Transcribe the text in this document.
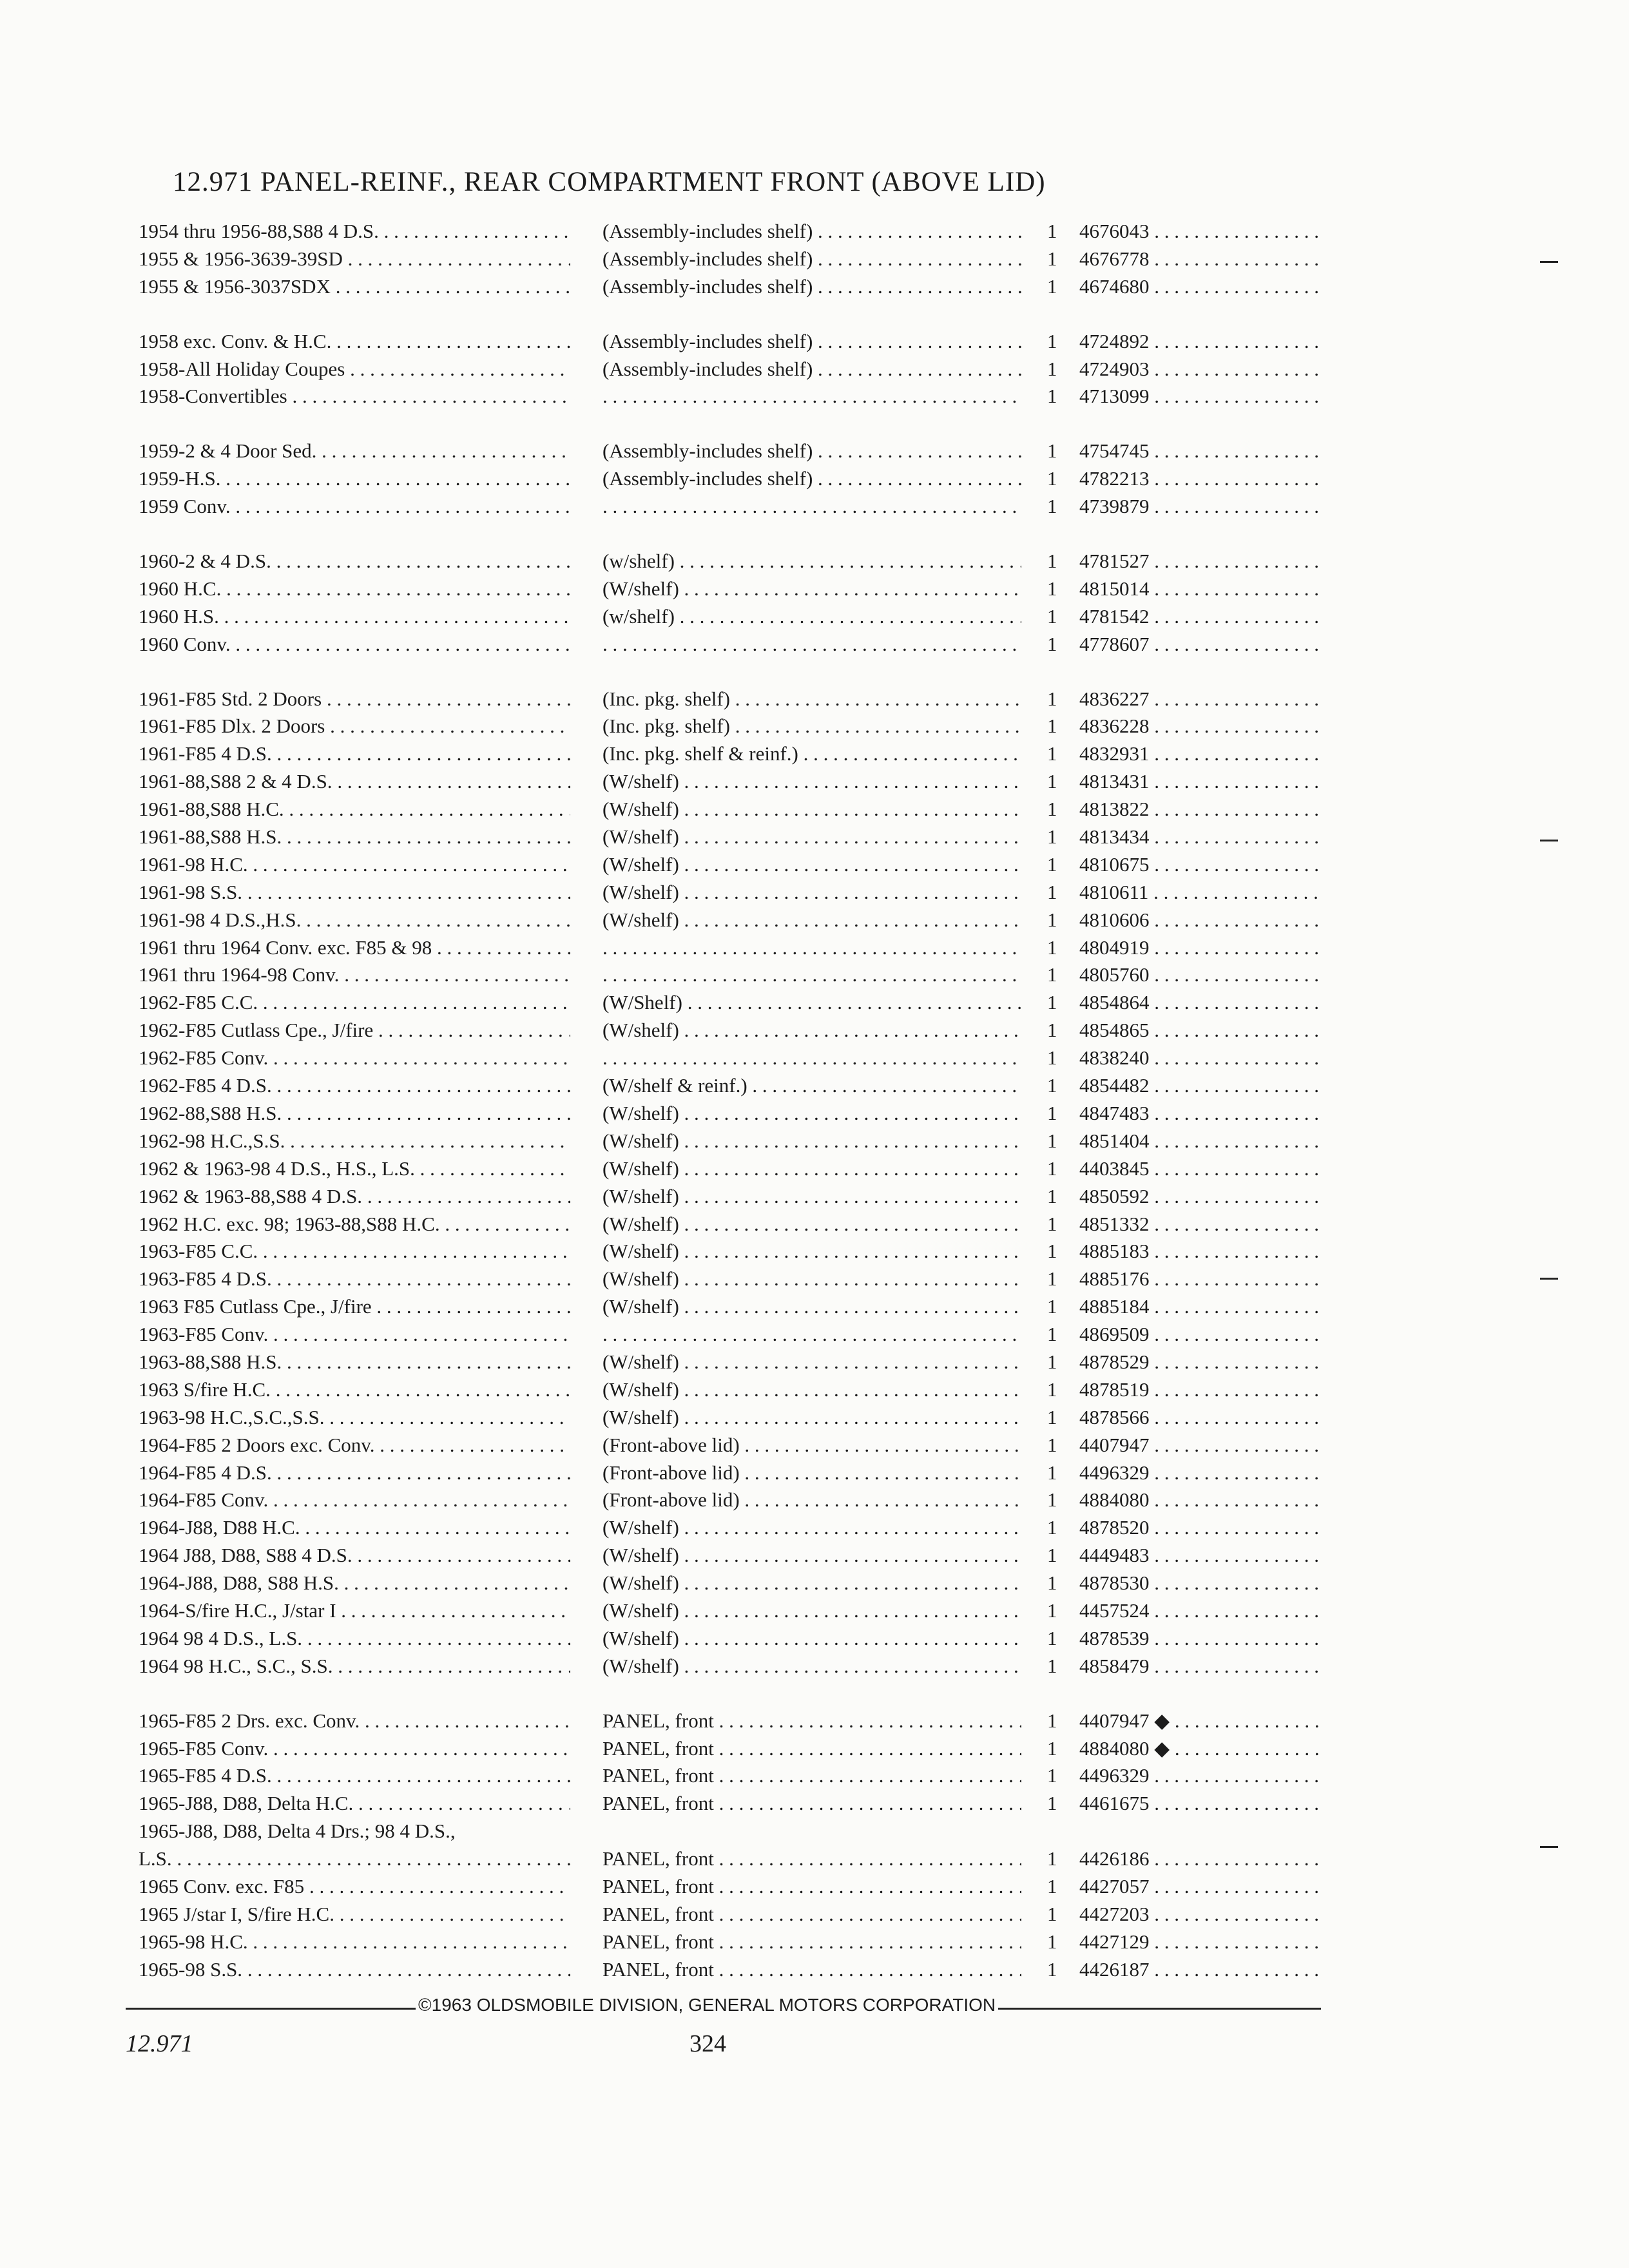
12.971 PANEL-REINF., REAR COMPARTMENT FRONT (ABOVE LID)
1954 thru 1956-88,S88 4 D.S. . . .	(Assembly-includes shelf) . . .	1	4676043 . . .
1955 & 1956-3639-39SD . . .	(Assembly-includes shelf) . . .	1	4676778 . . .
1955 & 1956-3037SDX . . .	(Assembly-includes shelf) . . .	1	4674680 . . .
1958 exc. Conv. & H.C. . . .	(Assembly-includes shelf) . . .	1	4724892 . . .
1958-All Holiday Coupes . . .	(Assembly-includes shelf) . . .	1	4724903 . . .
1958-Convertibles . . . . . .	1	4713099 . . .
1959-2 & 4 Door Sed. . . .	(Assembly-includes shelf) . . .	1	4754745 . . .
1959-H.S. . . .	(Assembly-includes shelf) . . .	1	4782213 . . .
1959 Conv. . . . . . .	1	4739879 . . .
1960-2 & 4 D.S. . . .	(w/shelf) . . .	1	4781527 . . .
1960 H.C. . . .	(W/shelf) . . .	1	4815014 . . .
1960 H.S. . . .	(w/shelf) . . .	1	4781542 . . .
1960 Conv. . . . . . .	1	4778607 . . .
1961-F85 Std. 2 Doors . . .	(Inc. pkg. shelf) . . .	1	4836227 . . .
1961-F85 Dlx. 2 Doors . . .	(Inc. pkg. shelf) . . .	1	4836228 . . .
1961-F85 4 D.S. . . .	(Inc. pkg. shelf & reinf.) . . .	1	4832931 . . .
1961-88,S88 2 & 4 D.S. . . .	(W/shelf) . . .	1	4813431 . . .
1961-88,S88 H.C. . . .	(W/shelf) . . .	1	4813822 . . .
1961-88,S88 H.S. . . .	(W/shelf) . . .	1	4813434 . . .
1961-98 H.C. . . .	(W/shelf) . . .	1	4810675 . . .
1961-98 S.S. . . .	(W/shelf) . . .	1	4810611 . . .
1961-98 4 D.S.,H.S. . . .	(W/shelf) . . .	1	4810606 . . .
1961 thru 1964 Conv. exc. F85 & 98 . . . . . .	1	4804919 . . .
1961 thru 1964-98 Conv. . . . . . .	1	4805760 . . .
1962-F85 C.C. . . .	(W/Shelf) . . .	1	4854864 . . .
1962-F85 Cutlass Cpe., J/fire . . .	(W/shelf) . . .	1	4854865 . . .
1962-F85 Conv. . . . . . .	1	4838240 . . .
1962-F85 4 D.S. . . .	(W/shelf & reinf.) . . .	1	4854482 . . .
1962-88,S88 H.S. . . .	(W/shelf) . . .	1	4847483 . . .
1962-98 H.C.,S.S. . . .	(W/shelf) . . .	1	4851404 . . .
1962 & 1963-98 4 D.S., H.S., L.S. . . .	(W/shelf) . . .	1	4403845 . . .
1962 & 1963-88,S88 4 D.S. . . .	(W/shelf) . . .	1	4850592 . . .
1962 H.C. exc. 98; 1963-88,S88 H.C. . . .	(W/shelf) . . .	1	4851332 . . .
1963-F85 C.C. . . .	(W/shelf) . . .	1	4885183 . . .
1963-F85 4 D.S. . . .	(W/shelf) . . .	1	4885176 . . .
1963 F85 Cutlass Cpe., J/fire . . .	(W/shelf) . . .	1	4885184 . . .
1963-F85 Conv. . . . . . .	1	4869509 . . .
1963-88,S88 H.S. . . .	(W/shelf) . . .	1	4878529 . . .
1963 S/fire H.C. . . .	(W/shelf) . . .	1	4878519 . . .
1963-98 H.C.,S.C.,S.S. . . .	(W/shelf) . . .	1	4878566 . . .
1964-F85 2 Doors exc. Conv. . . .	(Front-above lid) . . .	1	4407947 . . .
1964-F85 4 D.S. . . .	(Front-above lid) . . .	1	4496329 . . .
1964-F85 Conv. . . .	(Front-above lid) . . .	1	4884080 . . .
1964-J88, D88 H.C. . . .	(W/shelf) . . .	1	4878520 . . .
1964 J88, D88, S88 4 D.S. . . .	(W/shelf) . . .	1	4449483 . . .
1964-J88, D88, S88 H.S. . . .	(W/shelf) . . .	1	4878530 . . .
1964-S/fire H.C., J/star I . . .	(W/shelf) . . .	1	4457524 . . .
1964 98 4 D.S., L.S. . . .	(W/shelf) . . .	1	4878539 . . .
1964 98 H.C., S.C., S.S. . . .	(W/shelf) . . .	1	4858479 . . .
1965-F85 2 Drs. exc. Conv. . . .	PANEL, front . . .	1	4407947 ◆ . . .
1965-F85 Conv. . . .	PANEL, front . . .	1	4884080 ◆ . . .
1965-F85 4 D.S. . . .	PANEL, front . . .	1	4496329 . . .
1965-J88, D88, Delta H.C. . . .	PANEL, front . . .	1	4461675 . . .
1965-J88, D88, Delta 4 Drs.; 98 4 D.S.,
L.S. . . .	PANEL, front . . .	1	4426186 . . .
1965 Conv. exc. F85 . . .	PANEL, front . . .	1	4427057 . . .
1965 J/star I, S/fire H.C. . . .	PANEL, front . . .	1	4427203 . . .
1965-98 H.C. . . .	PANEL, front . . .	1	4427129 . . .
1965-98 S.S. . . .	PANEL, front . . .	1	4426187 . . .
©1963 OLDSMOBILE DIVISION, GENERAL MOTORS CORPORATION
12.971	324
